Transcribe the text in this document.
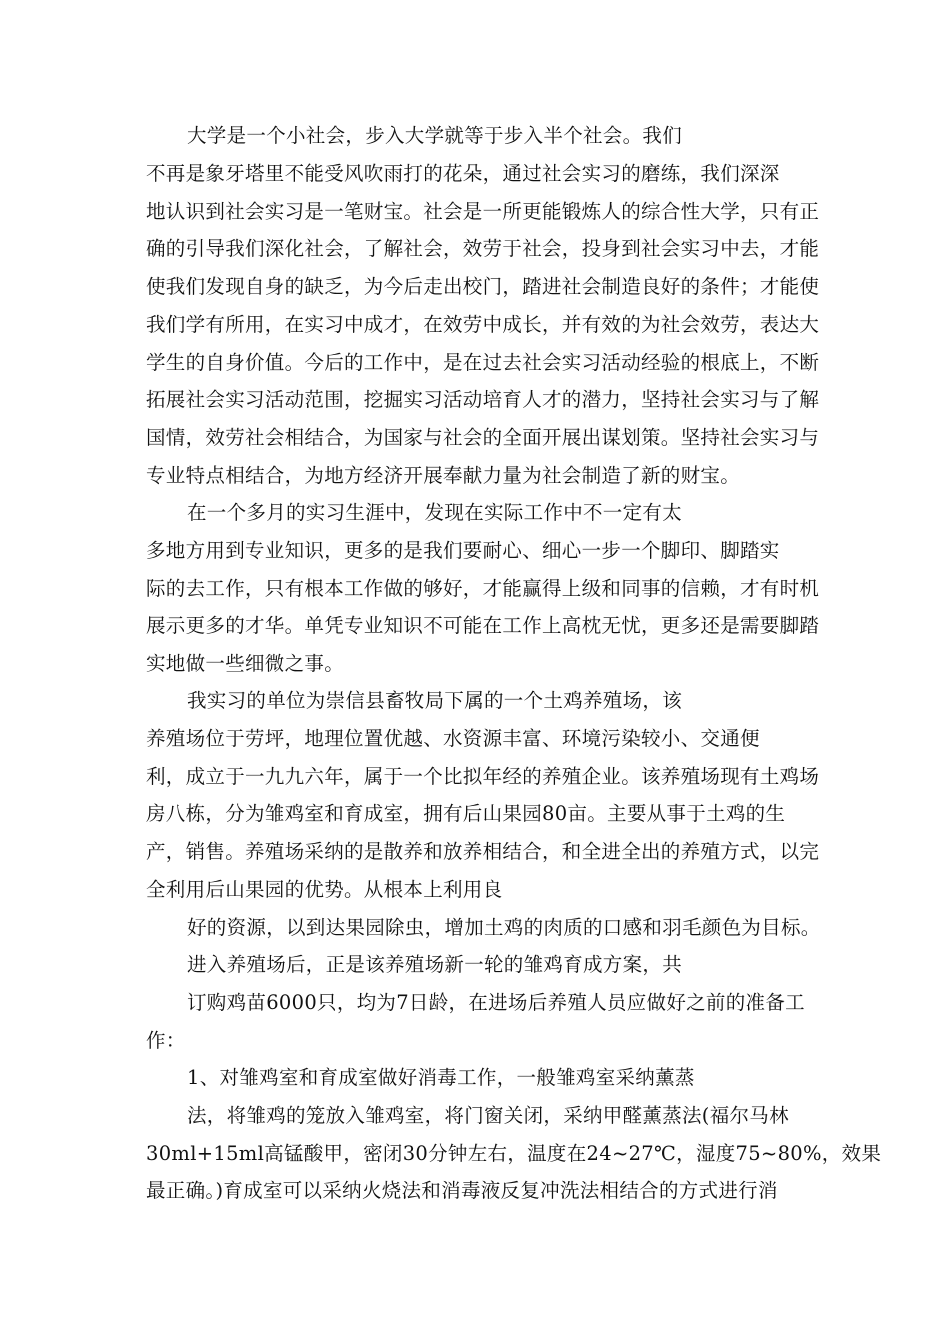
大学是一个小社会，步入大学就等于步入半个社会。我们
不再是象牙塔里不能受风吹雨打的花朵，通过社会实习的磨练，我们深深
地认识到社会实习是一笔财宝。社会是一所更能锻炼人的综合性大学，只有正
确的引导我们深化社会，了解社会，效劳于社会，投身到社会实习中去，才能
使我们发现自身的缺乏，为今后走出校门，踏进社会制造良好的条件；才能使
我们学有所用，在实习中成才，在效劳中成长，并有效的为社会效劳，表达大
学生的自身价值。今后的工作中，是在过去社会实习活动经验的根底上，不断
拓展社会实习活动范围，挖掘实习活动培育人才的潜力，坚持社会实习与了解
国情，效劳社会相结合，为国家与社会的全面开展出谋划策。坚持社会实习与
专业特点相结合，为地方经济开展奉献力量为社会制造了新的财宝。
在一个多月的实习生涯中，发现在实际工作中不一定有太
多地方用到专业知识，更多的是我们要耐心、细心一步一个脚印、脚踏实
际的去工作，只有根本工作做的够好，才能赢得上级和同事的信赖，才有时机
展示更多的才华。单凭专业知识不可能在工作上高枕无忧，更多还是需要脚踏
实地做一些细微之事。
我实习的单位为崇信县畜牧局下属的一个土鸡养殖场，该
养殖场位于劳坪，地理位置优越、水资源丰富、环境污染较小、交通便
利，成立于一九九六年，属于一个比拟年经的养殖企业。该养殖场现有土鸡场
房八栋，分为雏鸡室和育成室，拥有后山果园80亩。主要从事于土鸡的生
产，销售。养殖场采纳的是散养和放养相结合，和全进全出的养殖方式，以完
全利用后山果园的优势。从根本上利用良
好的资源，以到达果园除虫，增加土鸡的肉质的口感和羽毛颜色为目标。
进入养殖场后，正是该养殖场新一轮的雏鸡育成方案，共
订购鸡苗6000只，均为7日龄，在进场后养殖人员应做好之前的准备工
作：
1、对雏鸡室和育成室做好消毒工作，一般雏鸡室采纳薰蒸
法，将雏鸡的笼放入雏鸡室，将门窗关闭，采纳甲醛薰蒸法(福尔马林
30ml+15ml高锰酸甲，密闭30分钟左右，温度在24~27℃，湿度75~80%，效果
最正确。)育成室可以采纳火烧法和消毒液反复冲洗法相结合的方式进行消
